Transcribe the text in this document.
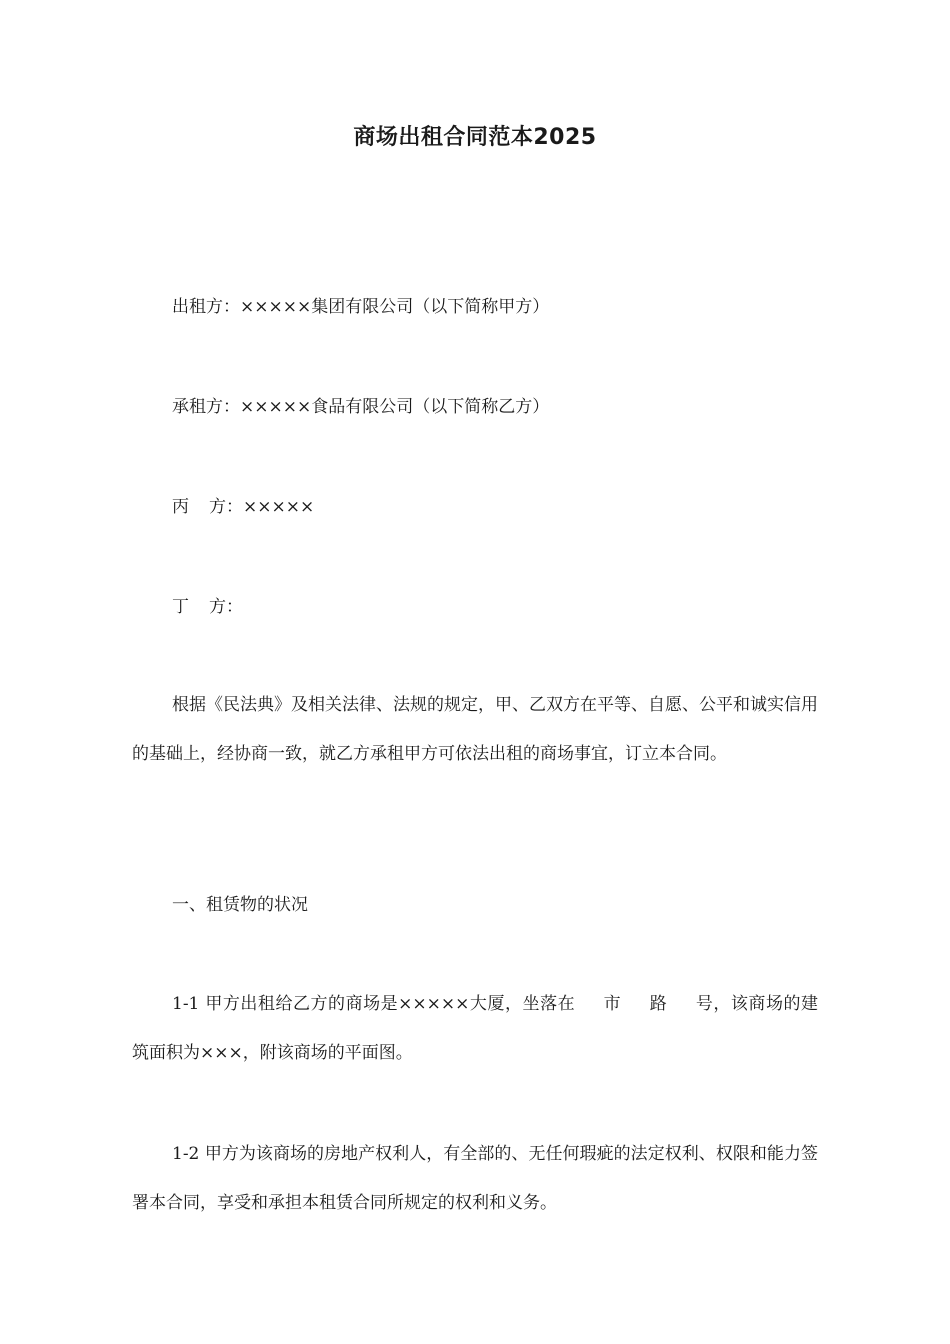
商场出租合同范本2025

出租方：×××××集团有限公司（以下简称甲方）

承租方：×××××食品有限公司（以下简称乙方）

丙方：×××××

丁方：

根据《民法典》及相关法律、法规的规定，甲、乙双方在平等、自愿、公平和诚实信用的基础上，经协商一致，就乙方承租甲方可依法出租的商场事宜，订立本合同。

一、租赁物的状况

1-1 甲方出租给乙方的商场是×××××大厦，坐落在 市 路 号，该商场的建筑面积为×××，附该商场的平面图。

1-2 甲方为该商场的房地产权利人，有全部的、无任何瑕疵的法定权利、权限和能力签署本合同，享受和承担本租赁合同所规定的权利和义务。
